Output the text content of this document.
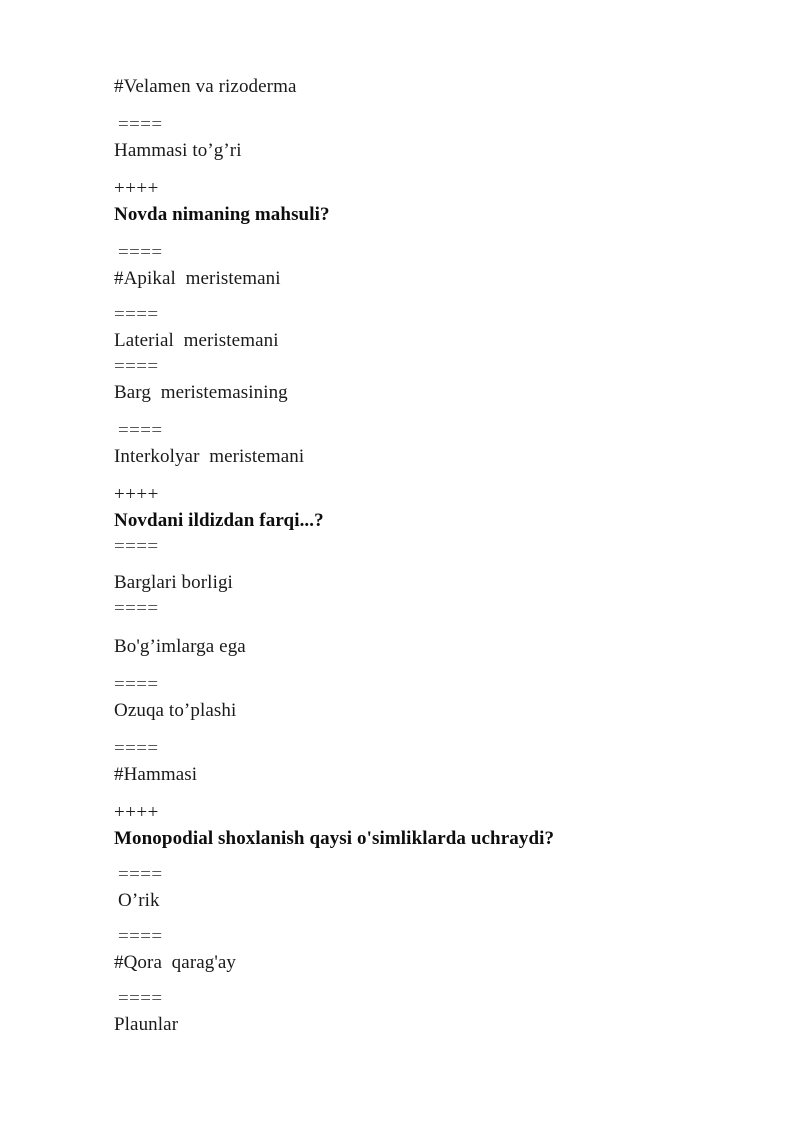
#Velamen va rizoderma
====
Hammasi to’g’ri
++++
Novda nimaning mahsuli?
====
#Apikal  meristemani
====
Laterial  meristemani
====
Barg  meristemasining
====
Interkolyar  meristemani
++++
Novdani ildizdan farqi...?
====
Barglari borligi
====
Bo'g’imlarga ega
====
Ozuqa to’plashi
====
#Hammasi
++++
Monopodial shoxlanish qaysi o'simliklarda uchraydi?
====
O’rik
====
#Qora  qarag'ay
====
Plaunlar
